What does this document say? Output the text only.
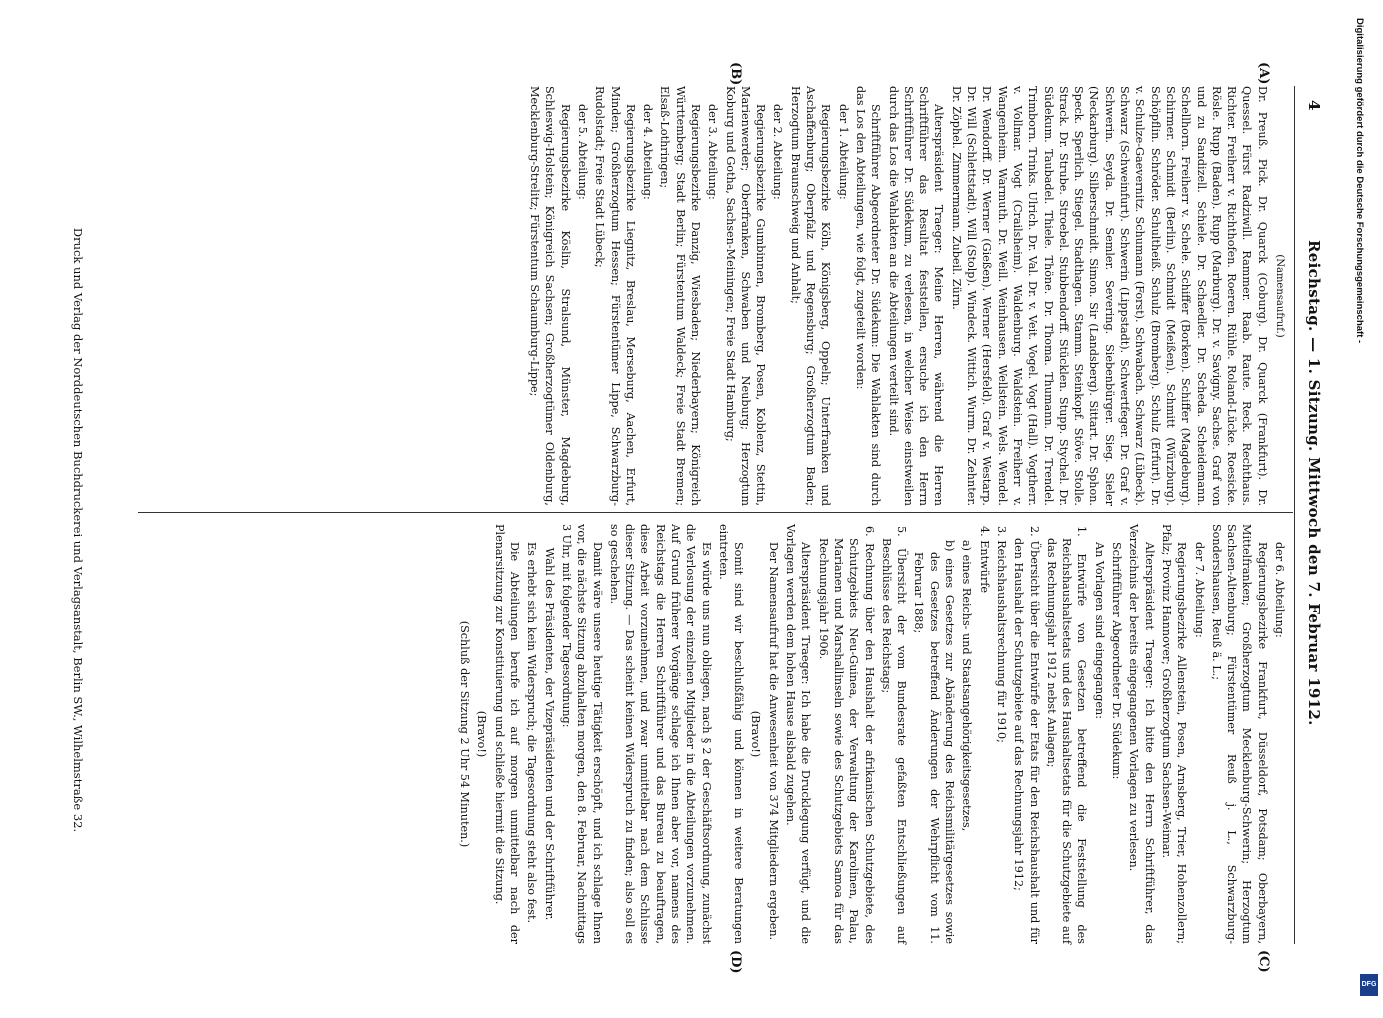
Digitalisierung gefördert durch die Deutsche Forschungsgemeinschaft -
4
Reichstag. — 1. Sitzung. Mittwoch den 7. Februar 1912.
(A)
(B)
(C)
(D)

(Namensaufruf.)

Dr. Preuß. Pick. Dr. Quarck (Coburg). Dr. Quarck (Frankfurt). Dr. Quessel. Fürst Radziwill. Rammer. Raab. Raute. Reck. Rechthaus. Richter. Freiherr v. Richthofen. Roeren. Rühle. Roland-Lücke. Roesicke. Rösle. Rupp (Baden). Rupp (Marburg). Dr. v. Savigny. Sachse. Graf von und zu Sandizell. Schiele. Dr. Schaedler. Dr. Scheda. Scheidemann. Schellhorn. Freiherr v. Schele. Schiffer (Borken). Schiffer (Magdeburg). Schirmer. Schmidt (Berlin). Schmidt (Meißen). Schmitt (Würzburg). Schöpflin. Schröder. Schultheiß. Schulz (Bromberg). Schulz (Erfurt). Dr. v. Schulze-Gaevernitz. Schumann (Forst). Schwabach. Schwarz (Lübeck). Schwarz (Schweinfurt). Schwerin (Lippstadt). Schwertfeger. Dr. Graf v. Schwerin. Seyda. Dr. Semler. Severing. Siebenbürger. Sieg. Sieler (Neckarburg). Silberschmidt. Simon. Sir (Landsberg). Sittart. Dr. Sphon. Speck. Sperlich. Stiegel. Stadthagen. Stamm. Steinkopf. Stöve. Stolle. Strack. Dr. Strube. Stroebel. Stubbendorff. Stücklen. Stupp. Stychel. Dr. Südekum. Taubadel. Thiele. Thöne. Dr. Thoma. Thumann. Dr. Trendel. Trimborn. Trinks. Ulrich. Dr. Val. Dr. v. Veit. Vogel. Vogt (Hall). Vogtherr. v. Vollmar. Vogt (Crailsheim). Waldenburg. Waldstein. Freiherr v. Wangenheim. Warmuth. Dr. Weill. Weinhausen. Wellstein. Wels. Wendel. Dr. Wendorff. Dr. Werner (Gießen). Werner (Hersfeld). Graf v. Westarp. Dr. Will (Schlettstadt). Will (Stolp). Windeck. Wittich. Wurm. Dr. Zehnter. Dr. Zöphel. Zimmermann. Zubeil. Zürn.

Alterspräsident Traeger: Meine Herren, während die Herren Schriftführer das Resultat feststellen, ersuche ich den Herrn Schriftführer Dr. Südekum, zu verlesen, in welcher Weise einstweilen durch das Los die Wahlakten an die Abteilungen verteilt sind.

Schriftführer Abgeordneter Dr. Südekum: Die Wahlakten sind durch das Los den Abteilungen, wie folgt, zugeteilt worden:

der 1. Abteilung:

Regierungsbezirke Köln, Königsberg, Oppeln; Unterfranken und Aschaffenburg; Oberpfalz und Regensburg; Großherzogtum Baden; Herzogtum Braunschweig und Anhalt;

der 2. Abteilung:

Regierungsbezirke Gumbinnen, Bromberg, Posen, Koblenz, Stettin, Marienwerder; Oberfranken, Schwaben und Neuburg; Herzogtum Koburg und Gotha, Sachsen-Meiningen; Freie Stadt Hamburg;

der 3. Abteilung:

Regierungsbezirke Danzig, Wiesbaden; Niederbayern; Königreich Württemberg; Stadt Berlin; Fürstentum Waldeck; Freie Stadt Bremen; Elsaß-Lothringen;

der 4. Abteilung:

Regierungsbezirke Liegnitz, Breslau, Merseburg, Aachen, Erfurt, Minden; Großherzogtum Hessen; Fürstentümer Lippe, Schwarzburg-Rudolstadt; Freie Stadt Lübeck;

der 5. Abteilung:

Regierungsbezirke Köslin, Stralsund, Münster, Magdeburg, Schleswig-Holstein; Königreich Sachsen; Großherzogtümer Oldenburg, Mecklenburg-Strelitz; Fürstentum Schaumburg-Lippe;

der 6. Abteilung:

Regierungsbezirke Frankfurt, Düsseldorf, Potsdam; Oberbayern, Mittelfranken; Großherzogtum Mecklenburg-Schwerin; Herzogtum Sachsen-Altenburg; Fürstentümer Reuß j. L., Schwarzburg-Sondershausen, Reuß ä. L.;

der 7. Abteilung:

Regierungsbezirke Allenstein, Posen, Arnsberg, Trier, Hohenzollern; Pfalz; Provinz Hannover; Großherzogtum Sachsen-Weimar.

Alterspräsident Traeger: Ich bitte den Herrn Schriftführer, das Verzeichnis der bereits eingegangenen Vorlagen zu verlesen.

Schriftführer Abgeordneter Dr. Südekum:

An Vorlagen sind eingegangen:

1. Entwürfe von Gesetzen betreffend die Feststellung des Reichshaushaltsetats und des Haushaltsetats für die Schutzgebiete auf das Rechnungsjahr 1912 nebst Anlagen;

2. Übersicht über die Entwürfe der Etats für den Reichshaushalt und für den Haushalt der Schutzgebiete auf das Rechnungsjahr 1912;

3. Reichshaushaltsrechnung für 1910;

4. Entwürfe

a) eines Reichs- und Staatsangehörigkeitsgesetzes,

b) eines Gesetzes zur Abänderung des Reichsmilitärgesetzes sowie des Gesetzes betreffend Änderungen der Wehrpflicht vom 11. Februar 1888;

5. Übersicht der vom Bundesrate gefaßten Entschließungen auf Beschlüsse des Reichstags;

6. Rechnung über den Haushalt der afrikanischen Schutzgebiete, des Schutzgebiets Neu-Guinea, der Verwaltung der Karolinen, Palau, Marianen und Marshallinseln sowie des Schutzgebiets Samoa für das Rechnungsjahr 1906.

Alterspräsident Traeger: Ich habe die Drucklegung verfügt, und die Vorlagen werden dem hohen Hause alsbald zugehen.

Der Namensaufruf hat die Anwesenheit von 374 Mitgliedern ergeben.

(Bravo!)

Somit sind wir beschlußfähig und können in weitere Beratungen eintreten.

Es würde uns nun obliegen, nach § 2 der Geschäftsordnung, zunächst die Verlosung der einzelnen Mitglieder in die Abteilungen vorzunehmen. Auf Grund früherer Vorgänge schlage ich Ihnen aber vor, namens des Reichstags die Herren Schriftführer und das Bureau zu beauftragen, diese Arbeit vorzunehmen, und zwar unmittelbar nach dem Schlusse dieser Sitzung. — Das scheint keinen Widerspruch zu finden; also soll es so geschehen.

Damit wäre unsere heutige Tätigkeit erschöpft, und ich schlage Ihnen vor, die nächste Sitzung abzuhalten morgen, den 8. Februar, Nachmittags 3 Uhr, mit folgender Tagesordnung:

Wahl des Präsidenten, der Vizepräsidenten und der Schriftführer.

Es erhebt sich kein Widerspruch; die Tagesordnung steht also fest.

Die Abteilungen berufe ich auf morgen unmittelbar nach der Plenarsitzung zur Konstituierung und schließe hiermit die Sitzung.

(Bravo!)

(Schluß der Sitzung 2 Uhr 54 Minuten.)

Druck und Verlag der Norddeutschen Buchdruckerei und Verlagsanstalt, Berlin SW., Wilhelmstraße 32.
DFG
